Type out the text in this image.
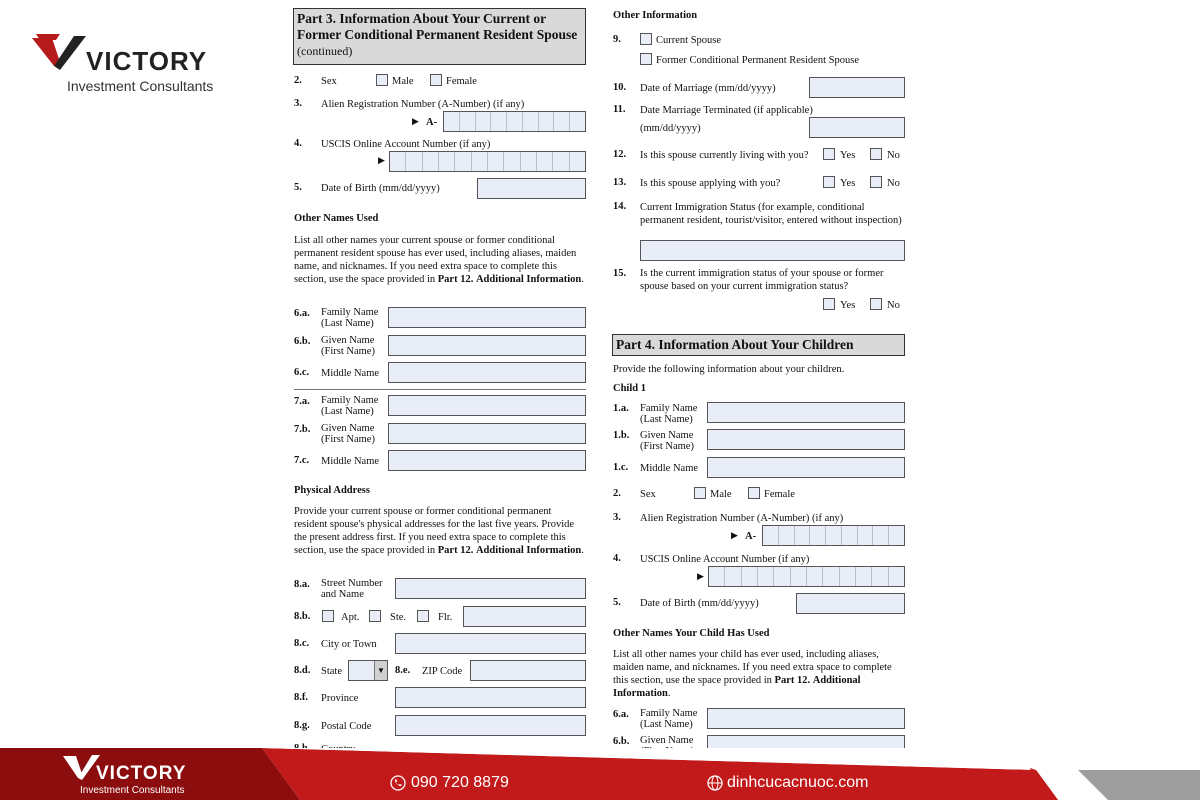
VICTORY
Investment Consultants
Part 3. Information About Your Current or Former Conditional Permanent Resident Spouse
(continued)
2. Sex	Male	Female
3. Alien Registration Number (A-Number) (if any)
▶ A-
4. USCIS Online Account Number (if any)
▶
5. Date of Birth (mm/dd/yyyy)
Other Names Used
List all other names your current spouse or former conditional permanent resident spouse has ever used, including aliases, maiden name, and nicknames. If you need extra space to complete this section, use the space provided in Part 12. Additional Information.
6.a. Family Name
(Last Name)
6.b. Given Name
(First Name)
6.c. Middle Name
7.a. Family Name
(Last Name)
7.b. Given Name
(First Name)
7.c. Middle Name
Physical Address
Provide your current spouse or former conditional permanent resident spouse's physical addresses for the last five years. Provide the present address first. If you need extra space to complete this section, use the space provided in Part 12. Additional Information.
8.a. Street Number
and Name
8.b.	Apt.	Ste.	Flr.
8.c. City or Town
8.d. State	▼ 8.e. ZIP Code
8.f. Province
8.g. Postal Code
Other Information
9.	Current Spouse
Former Conditional Permanent Resident Spouse
10. Date of Marriage (mm/dd/yyyy)
11. Date Marriage Terminated (if applicable)
(mm/dd/yyyy)
12. Is this spouse currently living with you?	Yes	No
13. Is this spouse applying with you?	Yes	No
14. Current Immigration Status (for example, conditional permanent resident, tourist/visitor, entered without inspection)
15. Is the current immigration status of your spouse or former spouse based on your current immigration status?
Yes	No
Part 4. Information About Your Children
Provide the following information about your children.
Child 1
1.a. Family Name
(Last Name)
1.b. Given Name
(First Name)
1.c. Middle Name
2. Sex	Male	Female
3. Alien Registration Number (A-Number) (if any)
▶ A-
4. USCIS Online Account Number (if any)
▶
5. Date of Birth (mm/dd/yyyy)
Other Names Your Child Has Used
List all other names your child has ever used, including aliases, maiden name, and nicknames. If you need extra space to complete this section, use the space provided in Part 12. Additional Information.
6.a. Family Name
(Last Name)
6.b. Given Name

VICTORY
Investment Consultants	090 720 8879	dinhcucacnuoc.com
